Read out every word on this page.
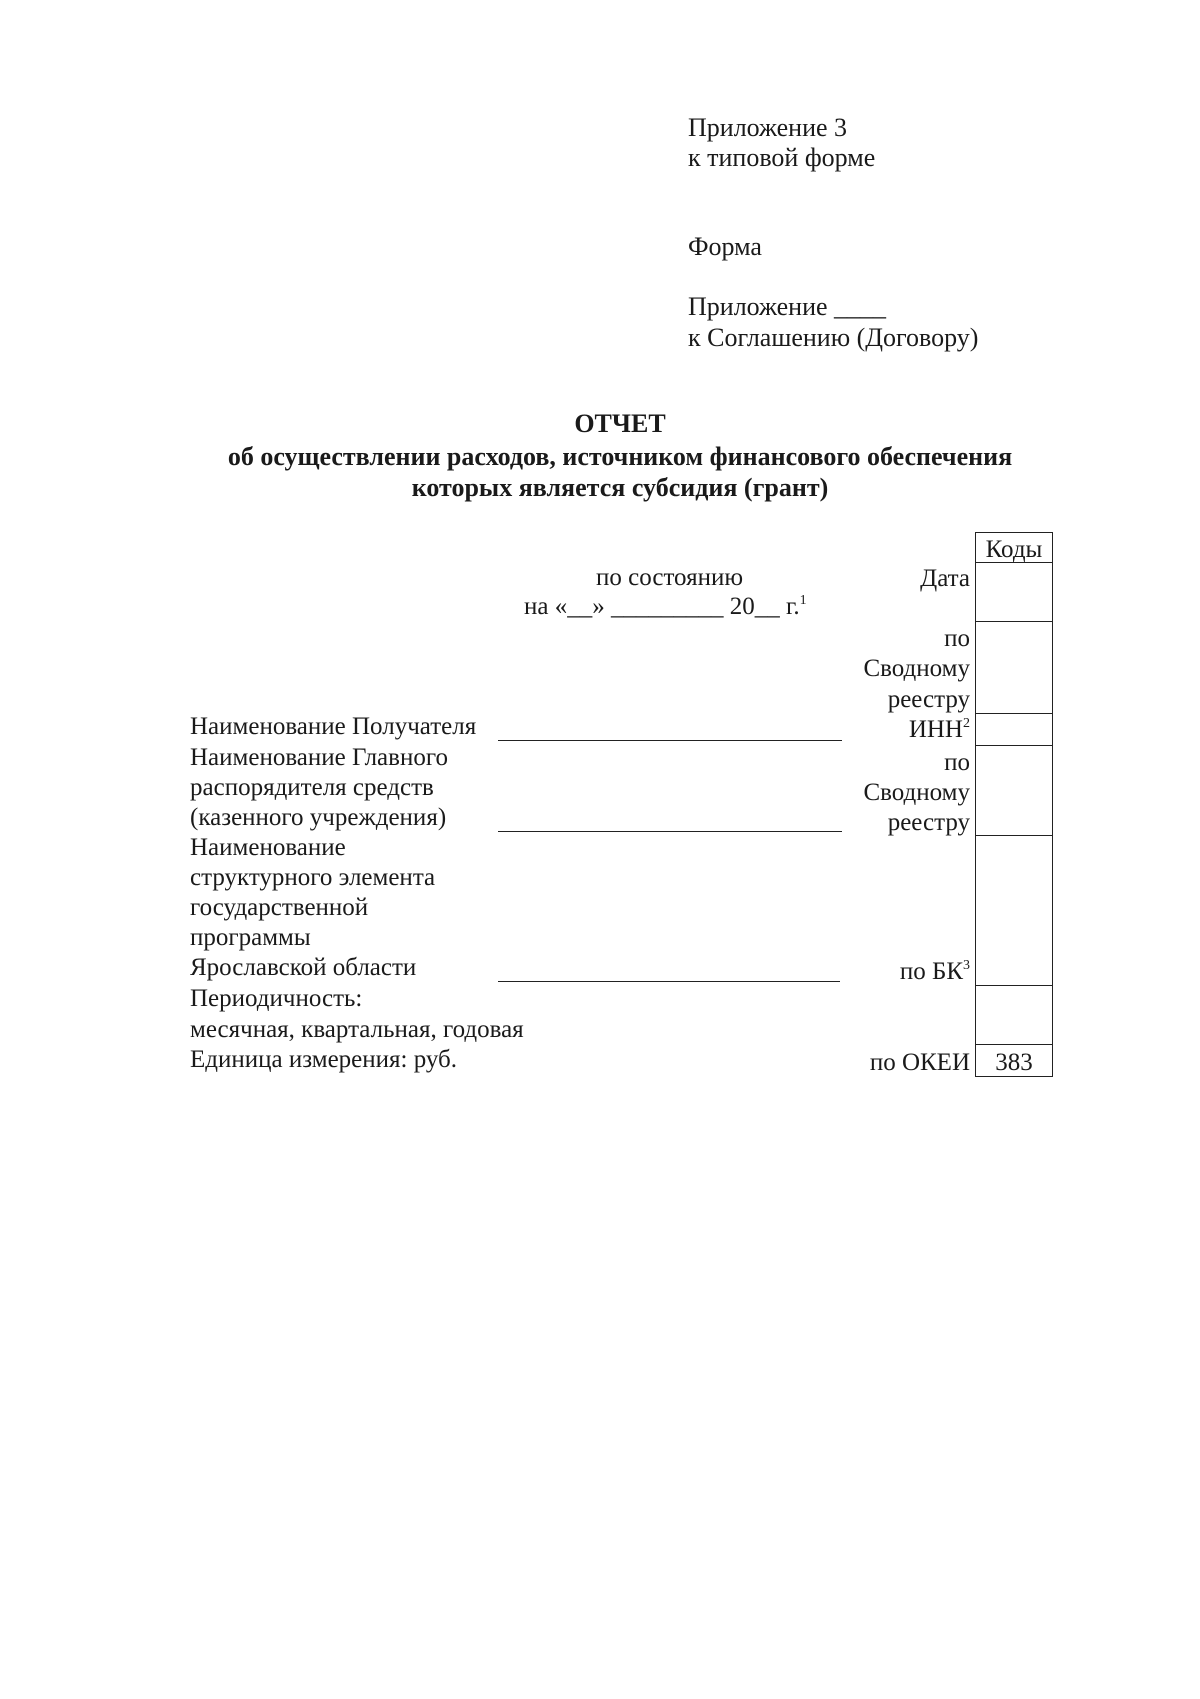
Приложение 3
к типовой форме
Форма
Приложение ____
к Соглашению (Договору)
ОТЧЕТ
об осуществлении расходов, источником финансового обеспечения
которых является субсидия (грант)
по состоянию
на «__» _________ 20__ г.$^1$
Коды
383
Дата
по
Сводному
реестру
ИНН$^2$
по
Сводному
реестру
по $БК^3$
по ОКЕИ
Наименование Получателя
Наименование Главного
распорядителя средств
(казенного учреждения)
Наименование
структурного элемента
государственной
программы
Ярославской области
Периодичность:
месячная, квартальная, годовая
Единица измерения: руб.
